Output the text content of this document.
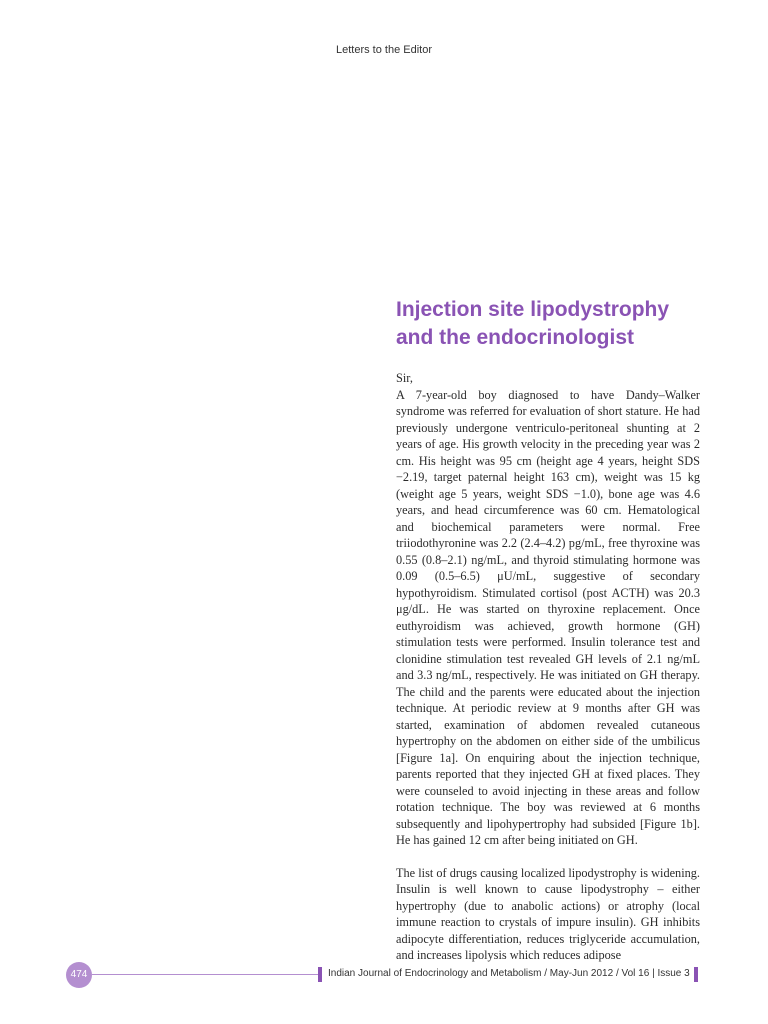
Letters to the Editor
Injection site lipodystrophy and the endocrinologist

Sir,

A 7-year-old boy diagnosed to have Dandy–Walker syndrome was referred for evaluation of short stature. He had previously undergone ventriculo-peritoneal shunting at 2 years of age. His growth velocity in the preceding year was 2 cm. His height was 95 cm (height age 4 years, height SDS −2.19, target paternal height 163 cm), weight was 15 kg (weight age 5 years, weight SDS −1.0), bone age was 4.6 years, and head circumference was 60 cm. Hematological and biochemical parameters were normal. Free triiodothyronine was 2.2 (2.4–4.2) pg/mL, free thyroxine was 0.55 (0.8–2.1) ng/mL, and thyroid stimulating hormone was 0.09 (0.5–6.5) μU/mL, suggestive of secondary hypothyroidism. Stimulated cortisol (post ACTH) was 20.3 μg/dL. He was started on thyroxine replacement. Once euthyroidism was achieved, growth hormone (GH) stimulation tests were performed. Insulin tolerance test and clonidine stimulation test revealed GH levels of 2.1 ng/mL and 3.3 ng/mL, respectively. He was initiated on GH therapy. The child and the parents were educated about the injection technique. At periodic review at 9 months after GH was started, examination of abdomen revealed cutaneous hypertrophy on the abdomen on either side of the umbilicus [Figure 1a]. On enquiring about the injection technique, parents reported that they injected GH at fixed places. They were counseled to avoid injecting in these areas and follow rotation technique. The boy was reviewed at 6 months subsequently and lipohypertrophy had subsided [Figure 1b]. He has gained 12 cm after being initiated on GH.

The list of drugs causing localized lipodystrophy is widening. Insulin is well known to cause lipodystrophy – either hypertrophy (due to anabolic actions) or atrophy (local immune reaction to crystals of impure insulin). GH inhibits adipocyte differentiation, reduces triglyceride accumulation, and increases lipolysis which reduces adipose

474	Indian Journal of Endocrinology and Metabolism / May-Jun 2012 / Vol 16 | Issue 3
